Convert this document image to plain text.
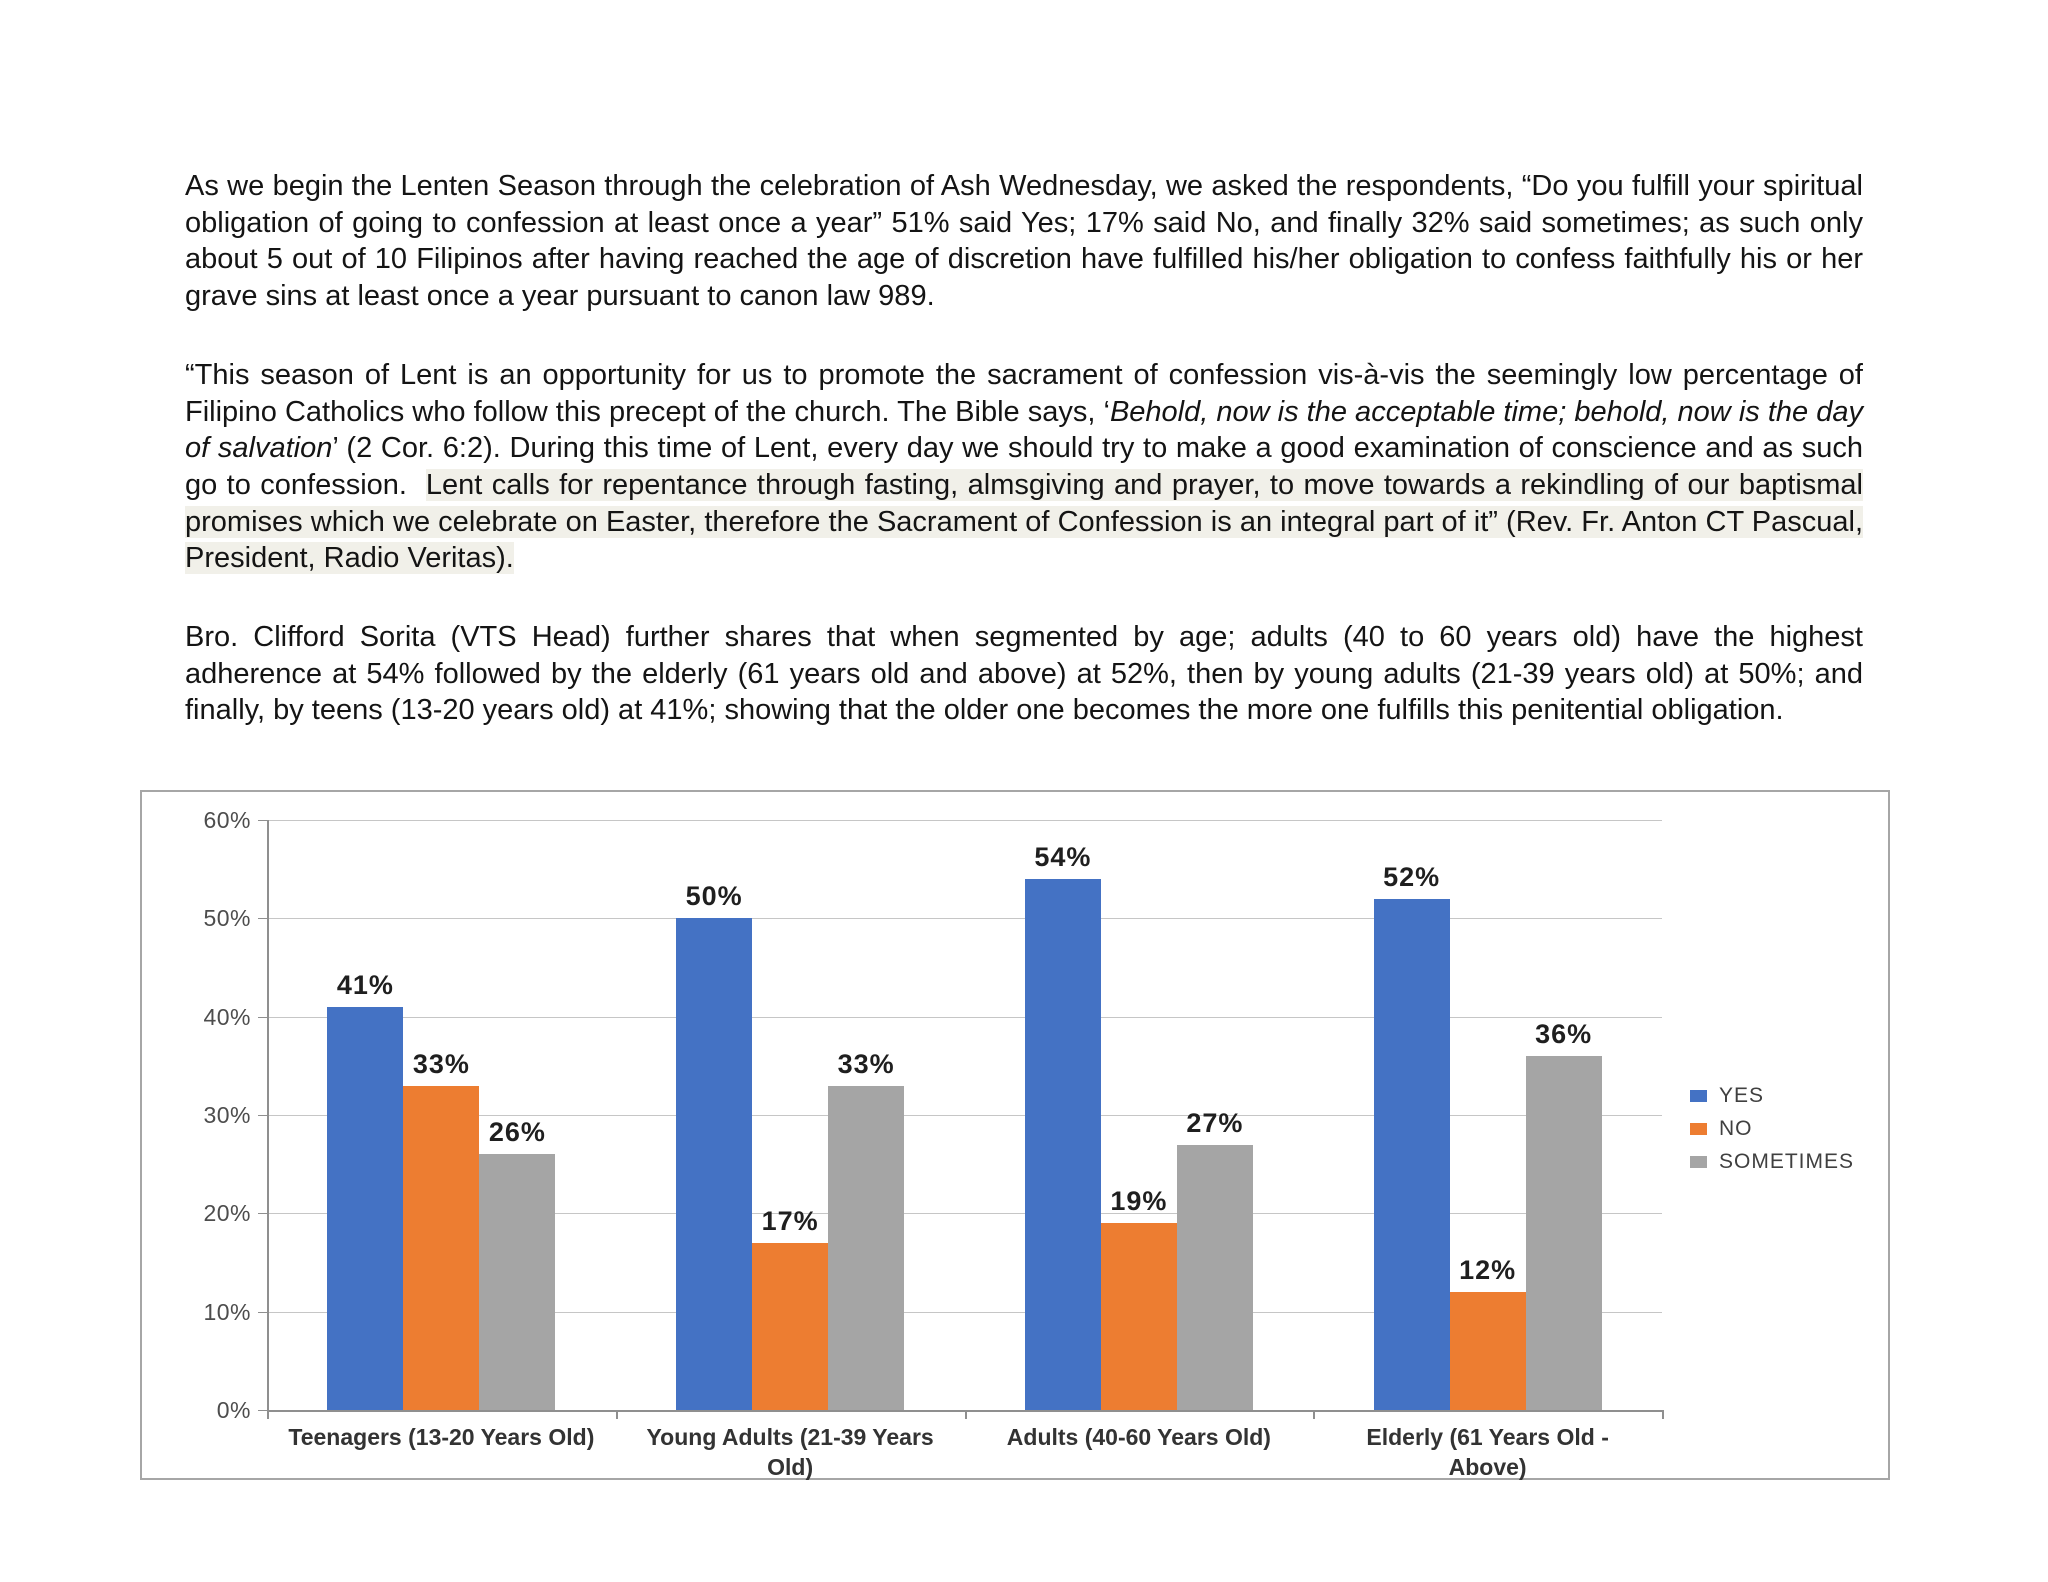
As we begin the Lenten Season through the celebration of Ash Wednesday, we asked the respondents, “Do you fulfill your spiritual obligation of going to confession at least once a year” 51% said Yes; 17% said No, and finally 32% said sometimes; as such only about 5 out of 10 Filipinos after having reached the age of discretion have fulfilled his/her obligation to confess faithfully his or her grave sins at least once a year pursuant to canon law 989.

“This season of Lent is an opportunity for us to promote the sacrament of confession vis-à-vis the seemingly low percentage of Filipino Catholics who follow this precept of the church. The Bible says, ‘Behold, now is the acceptable time; behold, now is the day of salvation’ (2 Cor. 6:2). During this time of Lent, every day we should try to make a good examination of conscience and as such go to confession.  Lent calls for repentance through fasting, almsgiving and prayer, to move towards a rekindling of our baptismal promises which we celebrate on Easter, therefore the Sacrament of Confession is an integral part of it” (Rev. Fr. Anton CT Pascual, President, Radio Veritas).

Bro. Clifford Sorita (VTS Head) further shares that when segmented by age; adults (40 to 60 years old) have the highest adherence at 54% followed by the elderly (61 years old and above) at 52%, then by young adults (21-39 years old) at 50%; and finally, by teens (13-20 years old) at 41%; showing that the older one becomes the more one fulfills this penitential obligation.

0%
10%
20%
30%
40%
50%
60%
41%
33%
26%
Teenagers (13-20 Years Old)
50%
17%
33%
Young Adults (21-39 Years Old)
54%
19%
27%
Adults (40-60 Years Old)
52%
12%
36%
Elderly (61 Years Old - Above)
YES
NO
SOMETIMES
